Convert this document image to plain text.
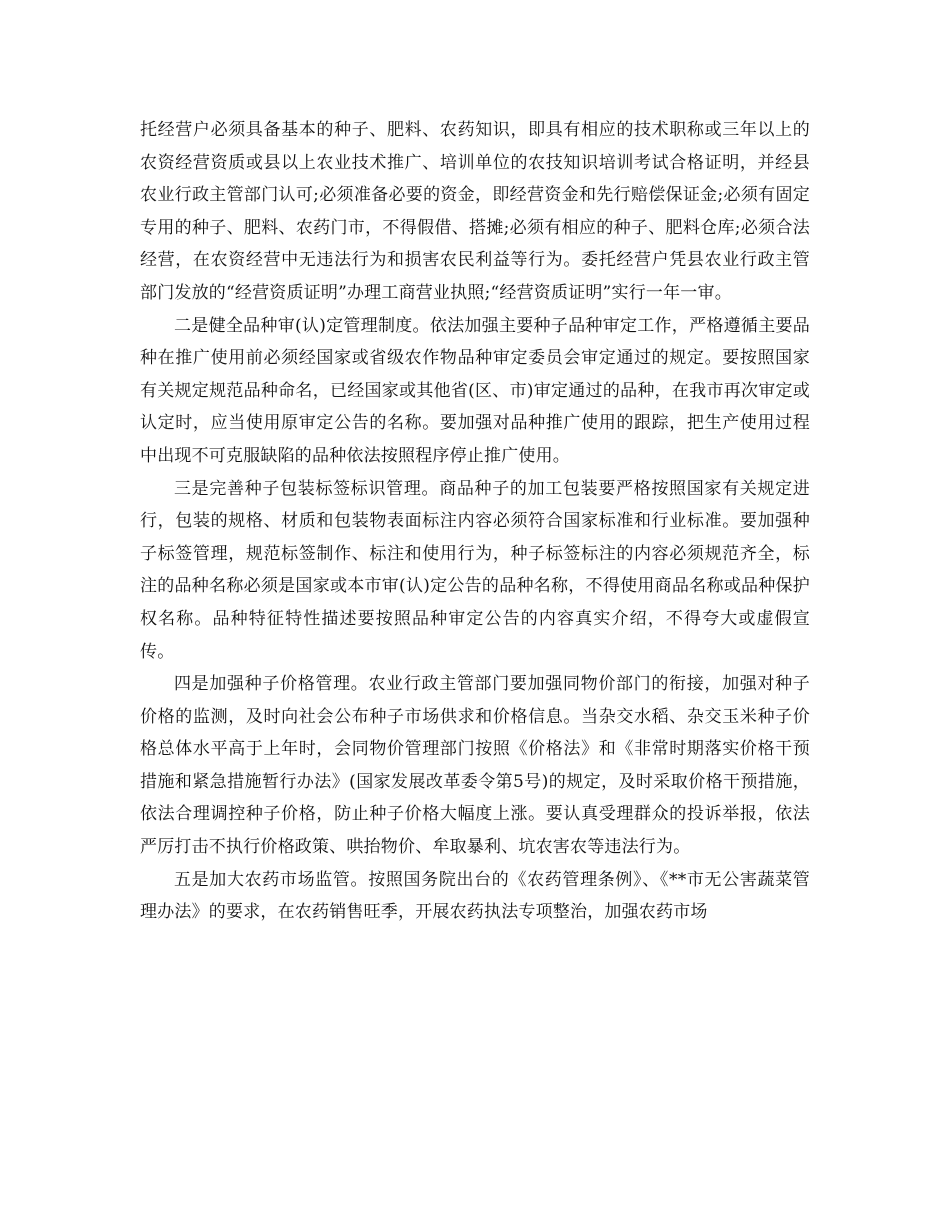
托经营户必须具备基本的种子、肥料、农药知识，即具有相应的技术职称或三年以上的农资经营资质或县以上农业技术推广、培训单位的农技知识培训考试合格证明，并经县农业行政主管部门认可;必须准备必要的资金，即经营资金和先行赔偿保证金;必须有固定专用的种子、肥料、农药门市，不得假借、搭摊;必须有相应的种子、肥料仓库;必须合法经营，在农资经营中无违法行为和损害农民利益等行为。委托经营户凭县农业行政主管部门发放的“经营资质证明”办理工商营业执照;“经营资质证明”实行一年一审。

二是健全品种审(认)定管理制度。依法加强主要种子品种审定工作，严格遵循主要品种在推广使用前必须经国家或省级农作物品种审定委员会审定通过的规定。要按照国家有关规定规范品种命名，已经国家或其他省(区、市)审定通过的品种，在我市再次审定或认定时，应当使用原审定公告的名称。要加强对品种推广使用的跟踪，把生产使用过程中出现不可克服缺陷的品种依法按照程序停止推广使用。

三是完善种子包装标签标识管理。商品种子的加工包装要严格按照国家有关规定进行，包装的规格、材质和包装物表面标注内容必须符合国家标准和行业标准。要加强种子标签管理，规范标签制作、标注和使用行为，种子标签标注的内容必须规范齐全，标注的品种名称必须是国家或本市审(认)定公告的品种名称，不得使用商品名称或品种保护权名称。品种特征特性描述要按照品种审定公告的内容真实介绍，不得夸大或虚假宣传。

四是加强种子价格管理。农业行政主管部门要加强同物价部门的衔接，加强对种子价格的监测，及时向社会公布种子市场供求和价格信息。当杂交水稻、杂交玉米种子价格总体水平高于上年时，会同物价管理部门按照《价格法》和《非常时期落实价格干预措施和紧急措施暂行办法》(国家发展改革委令第5号)的规定，及时采取价格干预措施，依法合理调控种子价格，防止种子价格大幅度上涨。要认真受理群众的投诉举报，依法严厉打击不执行价格政策、哄抬物价、牟取暴利、坑农害农等违法行为。

五是加大农药市场监管。按照国务院出台的《农药管理条例》、《**市无公害蔬菜管理办法》的要求，在农药销售旺季，开展农药执法专项整治，加强农药市场
